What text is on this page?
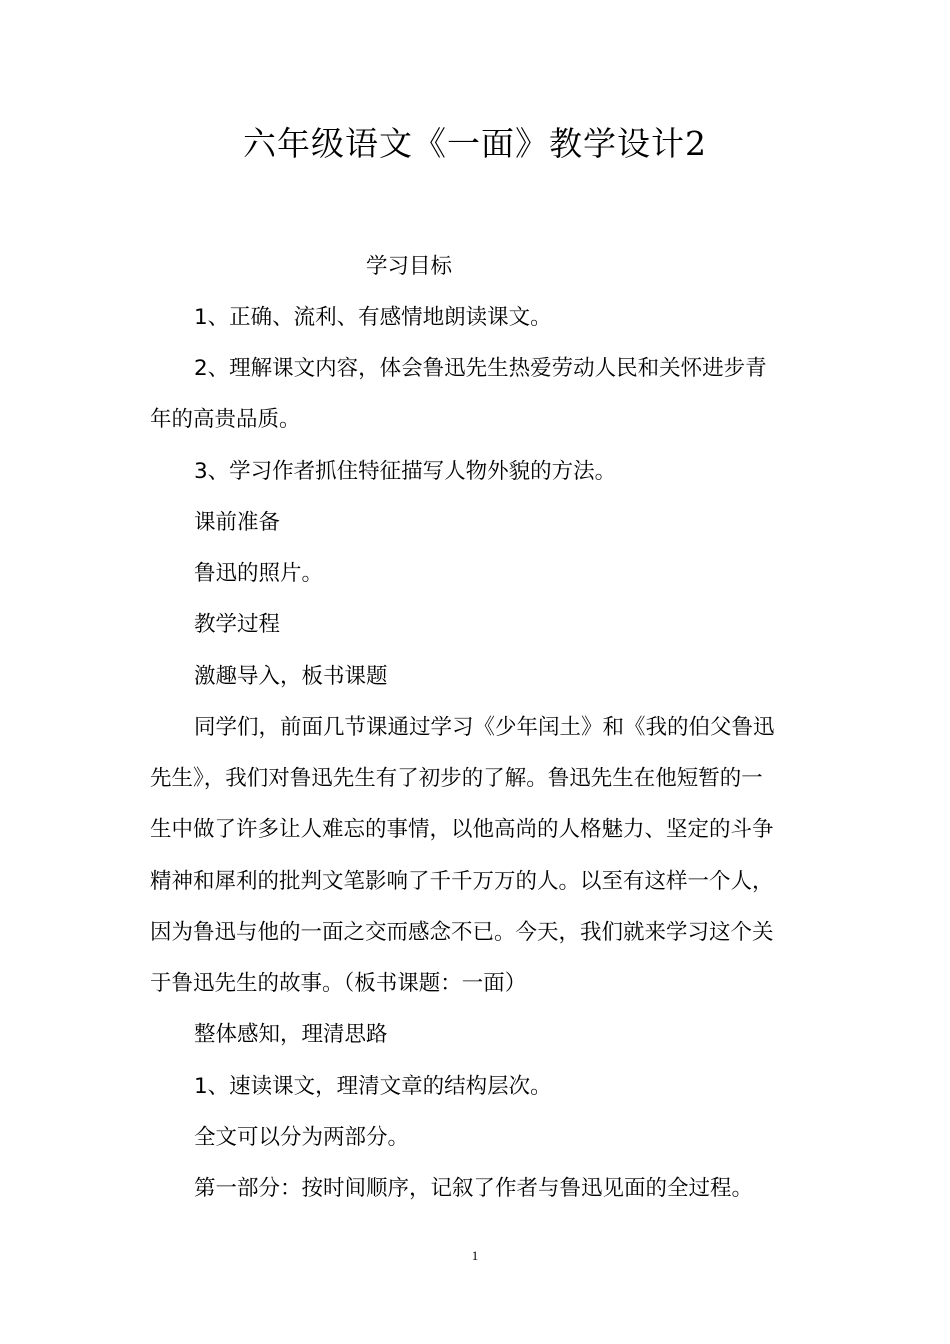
六年级语文《一面》教学设计2

学习目标

1、正确、流利、有感情地朗读课文。

2、理解课文内容，体会鲁迅先生热爱劳动人民和关怀进步青

年的高贵品质。

3、学习作者抓住特征描写人物外貌的方法。

课前准备

鲁迅的照片。

教学过程

激趣导入，板书课题

同学们，前面几节课通过学习《少年闰土》和《我的伯父鲁迅

先生》，我们对鲁迅先生有了初步的了解。鲁迅先生在他短暂的一

生中做了许多让人难忘的事情，以他高尚的人格魅力、坚定的斗争

精神和犀利的批判文笔影响了千千万万的人。以至有这样一个人，

因为鲁迅与他的一面之交而感念不已。今天，我们就来学习这个关

于鲁迅先生的故事。（板书课题：一面）

整体感知，理清思路

1、速读课文，理清文章的结构层次。

全文可以分为两部分。

第一部分：按时间顺序，记叙了作者与鲁迅见面的全过程。

1
